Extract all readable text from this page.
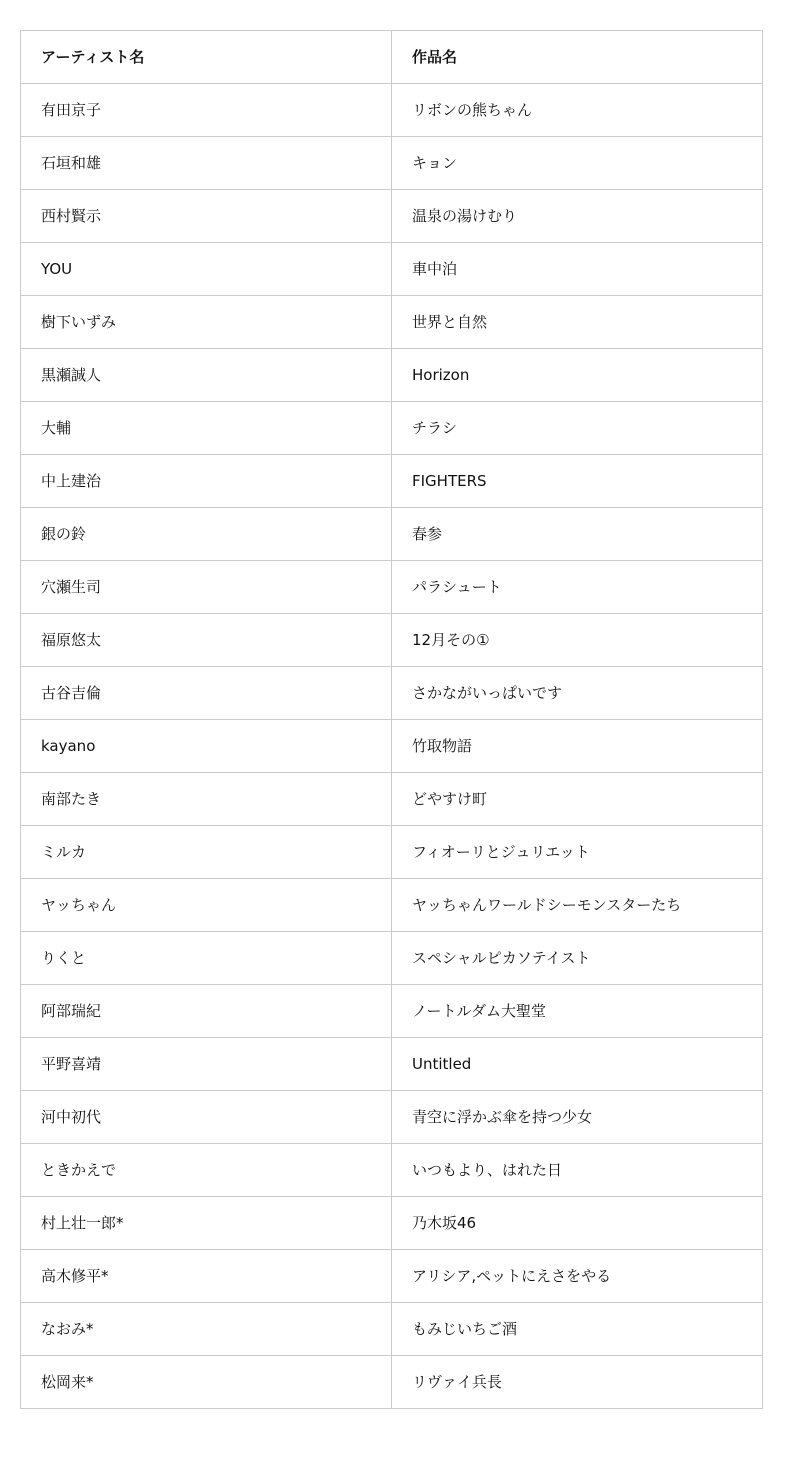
アーティスト名	作品名
有田京子	リボンの熊ちゃん
石垣和雄	キョン
西村賢示	温泉の湯けむり
YOU	車中泊
樹下いずみ	世界と自然
黒瀬誠人	Horizon
大輔	チラシ
中上建治	FIGHTERS
銀の鈴	春参
穴瀬生司	パラシュート
福原悠太	12月その①
古谷吉倫	さかながいっぱいです
kayano	竹取物語
南部たき	どやすけ町
ミルカ	フィオーリとジュリエット
ヤッちゃん	ヤッちゃんワールドシーモンスターたち
りくと	スペシャルピカソテイスト
阿部瑞紀	ノートルダム大聖堂
平野喜靖	Untitled
河中初代	青空に浮かぶ傘を持つ少女
ときかえで	いつもより、はれた日
村上壮一郎*	乃木坂46
高木修平*	アリシア,ペットにえさをやる
なおみ*	もみじいちご酒
松岡来*	リヴァイ兵長
